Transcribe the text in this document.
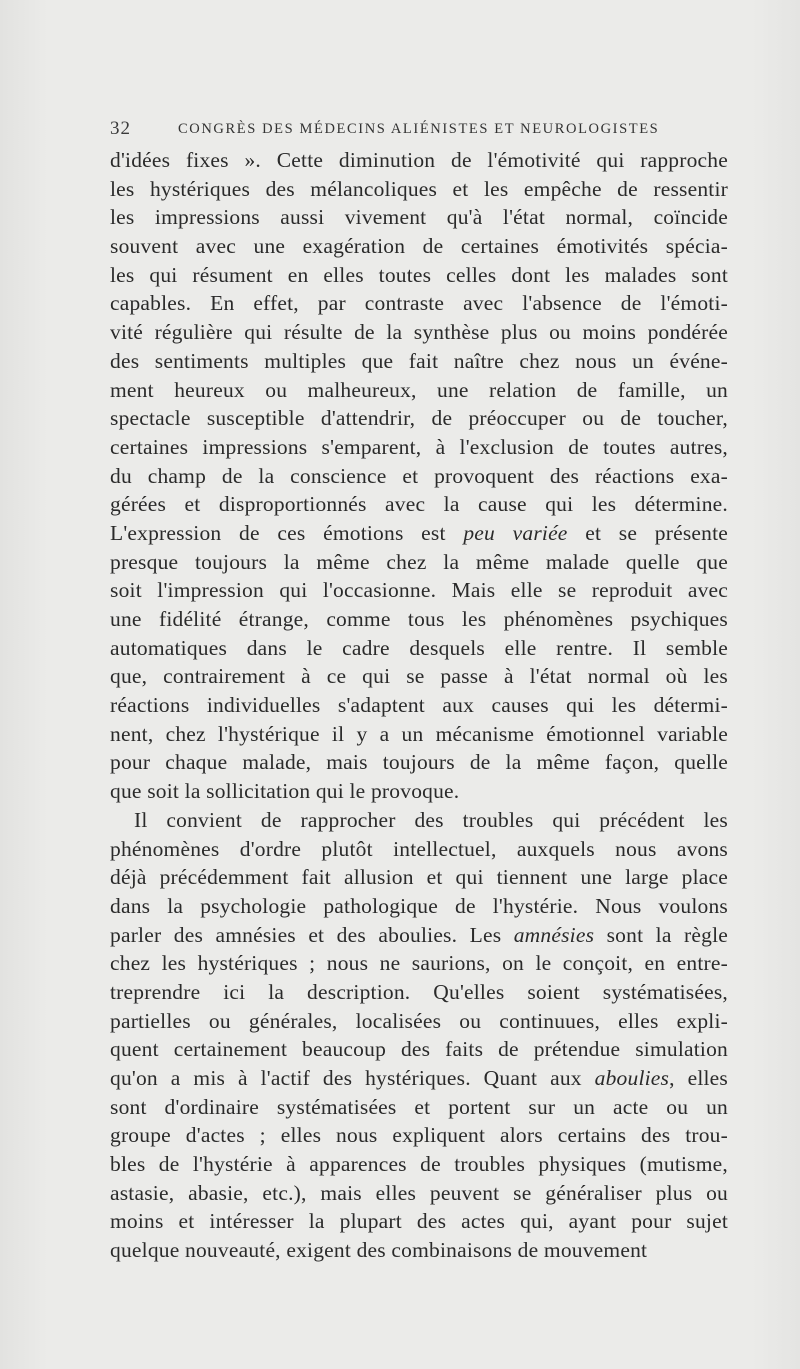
32	CONGRÈS DES MÉDECINS ALIÉNISTES ET NEUROLOGISTES
d'idées fixes ». Cette diminution de l'émotivité qui rapproche
les hystériques des mélancoliques et les empêche de ressentir
les impressions aussi vivement qu'à l'état normal, coïncide
souvent avec une exagération de certaines émotivités spécia-
les qui résument en elles toutes celles dont les malades sont
capables. En effet, par contraste avec l'absence de l'émoti-
vité régulière qui résulte de la synthèse plus ou moins pondérée
des sentiments multiples que fait naître chez nous un événe-
ment heureux ou malheureux, une relation de famille, un
spectacle susceptible d'attendrir, de préoccuper ou de toucher,
certaines impressions s'emparent, à l'exclusion de toutes autres,
du champ de la conscience et provoquent des réactions exa-
gérées et disproportionnés avec la cause qui les détermine.
L'expression de ces émotions est peu variée et se présente
presque toujours la même chez la même malade quelle que
soit l'impression qui l'occasionne. Mais elle se reproduit avec
une fidélité étrange, comme tous les phénomènes psychiques
automatiques dans le cadre desquels elle rentre. Il semble
que, contrairement à ce qui se passe à l'état normal où les
réactions individuelles s'adaptent aux causes qui les détermi-
nent, chez l'hystérique il y a un mécanisme émotionnel variable
pour chaque malade, mais toujours de la même façon, quelle
que soit la sollicitation qui le provoque.
Il convient de rapprocher des troubles qui précédent les
phénomènes d'ordre plutôt intellectuel, auxquels nous avons
déjà précédemment fait allusion et qui tiennent une large place
dans la psychologie pathologique de l'hystérie. Nous voulons
parler des amnésies et des aboulies. Les amnésies sont la règle
chez les hystériques ; nous ne saurions, on le conçoit, en entre-
treprendre ici la description. Qu'elles soient systématisées,
partielles ou générales, localisées ou continuues, elles expli-
quent certainement beaucoup des faits de prétendue simulation
qu'on a mis à l'actif des hystériques. Quant aux aboulies, elles
sont d'ordinaire systématisées et portent sur un acte ou un
groupe d'actes ; elles nous expliquent alors certains des trou-
bles de l'hystérie à apparences de troubles physiques (mutisme,
astasie, abasie, etc.), mais elles peuvent se généraliser plus ou
moins et intéresser la plupart des actes qui, ayant pour sujet
quelque nouveauté, exigent des combinaisons de mouvement
